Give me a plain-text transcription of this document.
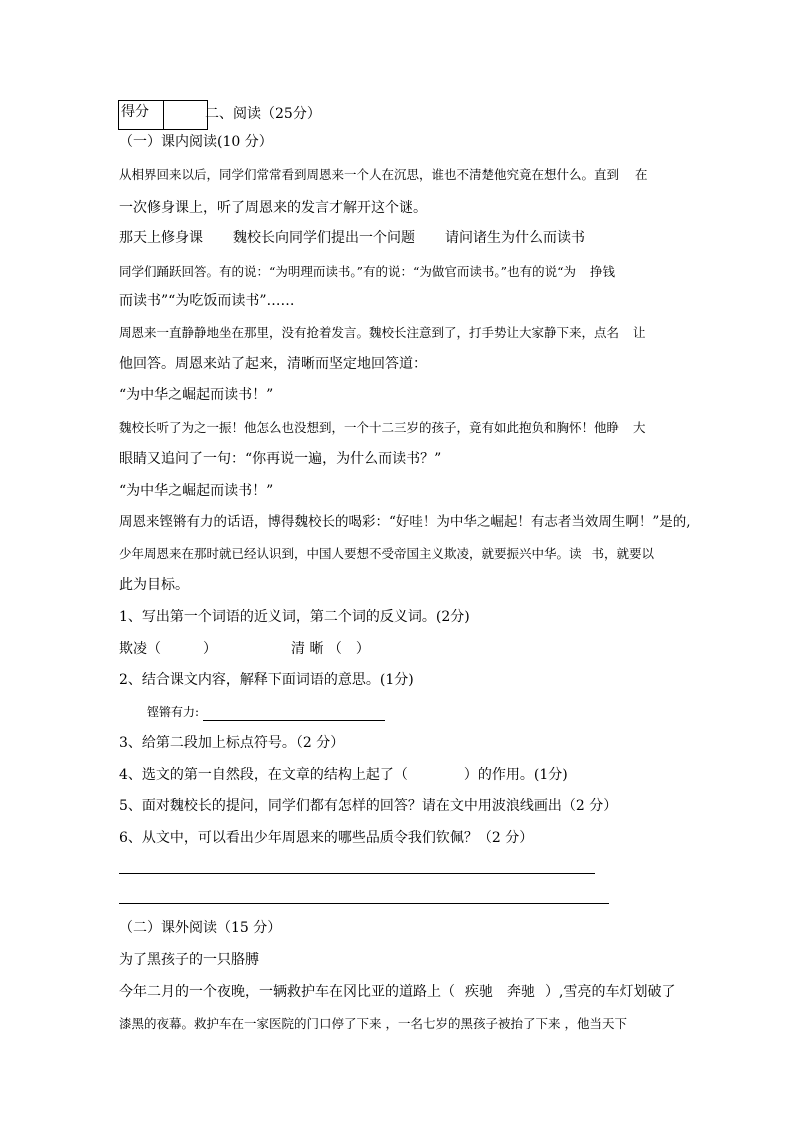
得分	二、阅读（25分）
（一）课内阅读(10 分）
从相界回来以后，同学们常常看到周恩来一个人在沉思，谁也不清楚他究竟在想什么。直到 在
一次修身课上，听了周恩来的发言才解开这个谜。
那天上修身课 魏校长向同学们提出一个问题 请问诸生为什么而读书
同学们踊跃回答。有的说：“为明理而读书。”有的说：“为做官而读书。”也有的说“为 挣钱
而读书”“为吃饭而读书”……
周恩来一直静静地坐在那里，没有抢着发言。魏校长注意到了，打手势让大家静下来，点名 让
他回答。周恩来站了起来，清晰而坚定地回答道：
“为中华之崛起而读书！”
魏校长听了为之一振！他怎么也没想到，一个十二三岁的孩子，竟有如此抱负和胸怀！他睁 大
眼睛又追问了一句：“你再说一遍，为什么而读书？”
“为中华之崛起而读书！”
周恩来铿锵有力的话语，博得魏校长的喝彩：“好哇！为中华之崛起！有志者当效周生啊！”是的,
少年周恩来在那时就已经认识到，中国人要想不受帝国主义欺凌，就要振兴中华。读 书，就要以
此为目标。
1、写出第一个词语的近义词，第二个词的反义词。(2分)
欺凌（　　　）	清 晰 （　）
2、结合课文内容，解释下面词语的意思。(1分)
铿锵有力:
3、给第二段加上标点符号。（2 分）
4、选文的第一自然段，在文章的结构上起了（　　　　）的作用。(1分)
5、面对魏校长的提问，同学们都有怎样的回答？请在文中用波浪线画出（2 分）
6、从文中，可以看出少年周恩来的哪些品质令我们钦佩？（2 分）
（二）课外阅读（15 分）
为了黑孩子的一只胳膊
今年二月的一个夜晚，一辆救护车在冈比亚的道路上（ 疾驰 奔驰 ）,雪亮的车灯划破了
漆黑的夜幕。救护车在一家医院的门口停了下来 ，一名七岁的黑孩子被抬了下来 ，他当天下
